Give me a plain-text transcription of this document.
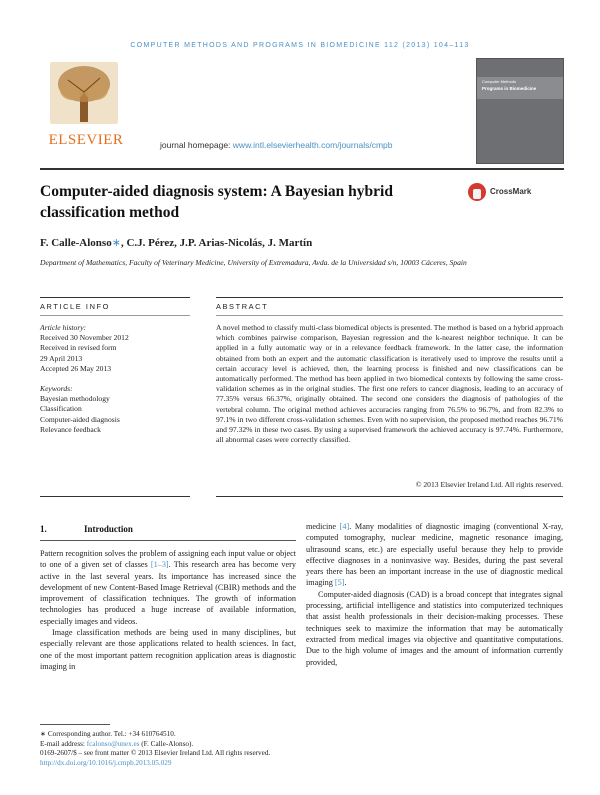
COMPUTER METHODS AND PROGRAMS IN BIOMEDICINE 112 (2013) 104–113
ELSEVIER	journal homepage: www.intl.elsevierhealth.com/journals/cmpb
Computer Methods
Programs in Biomedicine
Computer-aided diagnosis system: A Bayesian hybrid classification method
CrossMark
F. Calle-Alonso∗, C.J. Pérez, J.P. Arias-Nicolás, J. Martín
Department of Mathematics, Faculty of Veterinary Medicine, University of Extremadura, Avda. de la Universidad s/n, 10003 Cáceres, Spain
ARTICLE INFO	ABSTRACT
Article history:
Received 30 November 2012
Received in revised form
29 April 2013
Accepted 26 May 2013
Keywords:
Bayesian methodology
Classification
Computer-aided diagnosis
Relevance feedback
A novel method to classify multi-class biomedical objects is presented. The method is based on a hybrid approach which combines pairwise comparison, Bayesian regression and the k-nearest neighbor technique. It can be applied in a fully automatic way or in a relevance feedback framework. In the latter case, the information obtained from both an expert and the automatic classification is iteratively used to improve the results until a certain accuracy level is achieved, then, the learning process is finished and new classifications can be automatically performed. The method has been applied in two biomedical contexts by following the same cross-validation schemes as in the original studies. The first one refers to cancer diagnosis, leading to an accuracy of 77.35% versus 66.37%, originally obtained. The second one considers the diagnosis of pathologies of the vertebral column. The original method achieves accuracies ranging from 76.5% to 96.7%, and from 82.3% to 97.1% in two different cross-validation schemes. Even with no supervision, the proposed method reaches 96.71% and 97.32% in these two cases. By using a supervised framework the achieved accuracy is 97.74%. Furthermore, all abnormal cases were correctly classified.
© 2013 Elsevier Ireland Ltd. All rights reserved.
1.	Introduction

Pattern recognition solves the problem of assigning each input value or object to one of a given set of classes [1–3]. This research area has become very active in the last several years. Its importance has increased since the development of new Content-Based Image Retrieval (CBIR) methods and the improvement of classification techniques. The growth of information technologies has produced a huge increase of available information, especially images and videos.

Image classification methods are being used in many disciplines, but especially relevant are those applications related to health sciences. In fact, one of the most important pattern recognition application areas is diagnostic imaging in

medicine [4]. Many modalities of diagnostic imaging (conventional X-ray, computed tomography, nuclear medicine, magnetic resonance imaging, ultrasound scans, etc.) are especially useful because they help to provide effective diagnoses in a noninvasive way. Besides, during the past several years there has been an important increase in the use of diagnostic medical imaging [5].

Computer-aided diagnosis (CAD) is a broad concept that integrates signal processing, artificial intelligence and statistics into computerized techniques that assist health professionals in their decision-making processes. These techniques seek to maximize the information that may be automatically extracted from medical images via objective and quantitative computations. Due to the high volume of images and the amount of information currently provided,

∗ Corresponding author. Tel.: +34 610764510.
E-mail address: fcalonso@unex.es (F. Calle-Alonso).
0169-2607/$ – see front matter © 2013 Elsevier Ireland Ltd. All rights reserved.
http://dx.doi.org/10.1016/j.cmpb.2013.05.029
